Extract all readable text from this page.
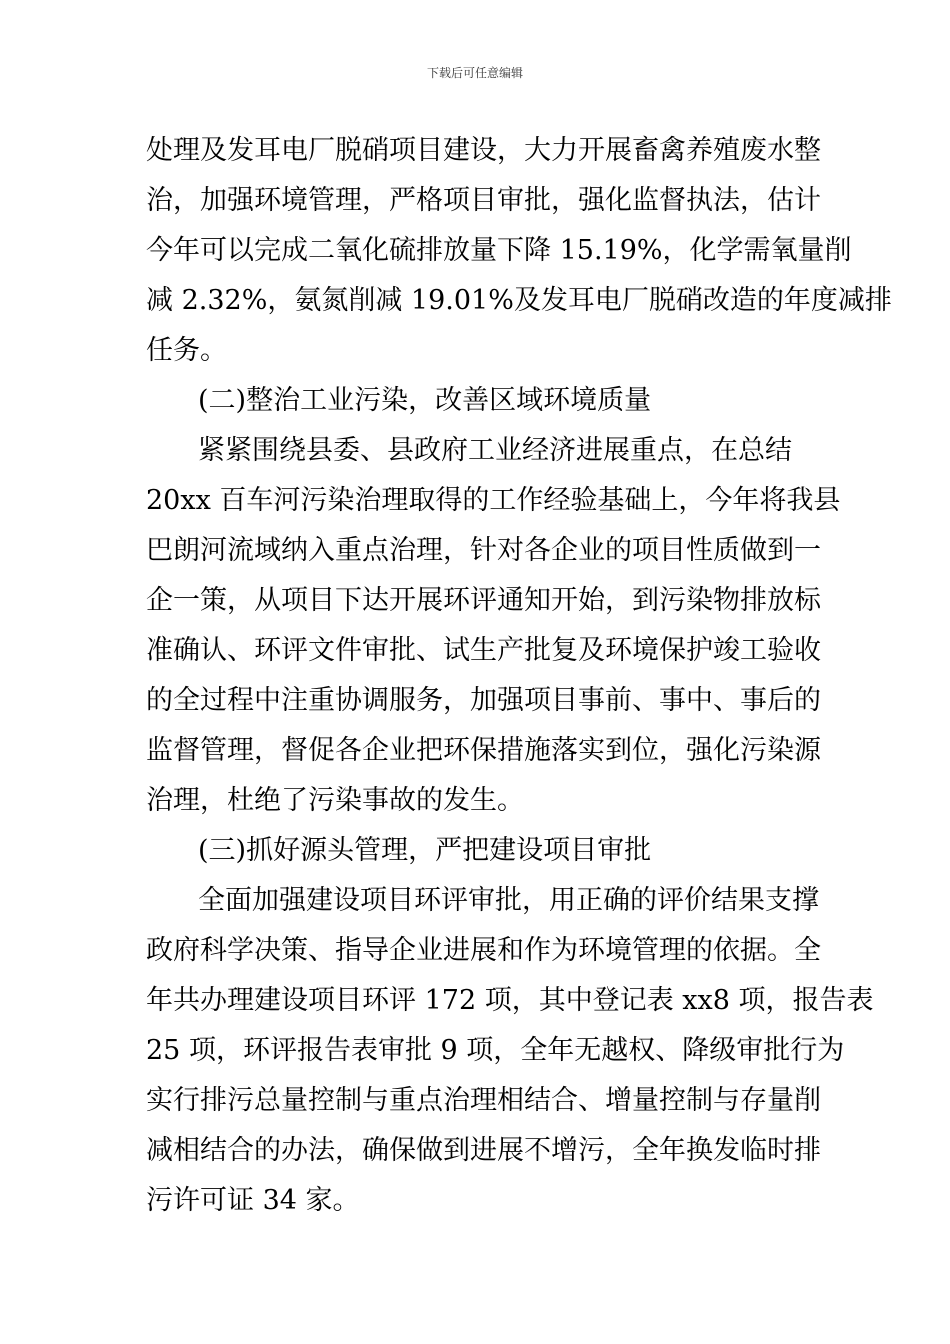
下载后可任意编辑
处理及发耳电厂脱硝项目建设，大力开展畜禽养殖废水整
治，加强环境管理，严格项目审批，强化监督执法，估计
今年可以完成二氧化硫排放量下降 15.19%，化学需氧量削
减 2.32%，氨氮削减 19.01%及发耳电厂脱硝改造的年度减排
任务。
(二)整治工业污染，改善区域环境质量
紧紧围绕县委、县政府工业经济进展重点，在总结
20xx 百车河污染治理取得的工作经验基础上，今年将我县
巴朗河流域纳入重点治理，针对各企业的项目性质做到一
企一策，从项目下达开展环评通知开始，到污染物排放标
准确认、环评文件审批、试生产批复及环境保护竣工验收
的全过程中注重协调服务，加强项目事前、事中、事后的
监督管理，督促各企业把环保措施落实到位，强化污染源
治理，杜绝了污染事故的发生。
(三)抓好源头管理，严把建设项目审批
全面加强建设项目环评审批，用正确的评价结果支撑
政府科学决策、指导企业进展和作为环境管理的依据。全
年共办理建设项目环评 172 项，其中登记表 xx8 项，报告表
25 项，环评报告表审批 9 项，全年无越权、降级审批行为
实行排污总量控制与重点治理相结合、增量控制与存量削
减相结合的办法，确保做到进展不增污，全年换发临时排
污许可证 34 家。
